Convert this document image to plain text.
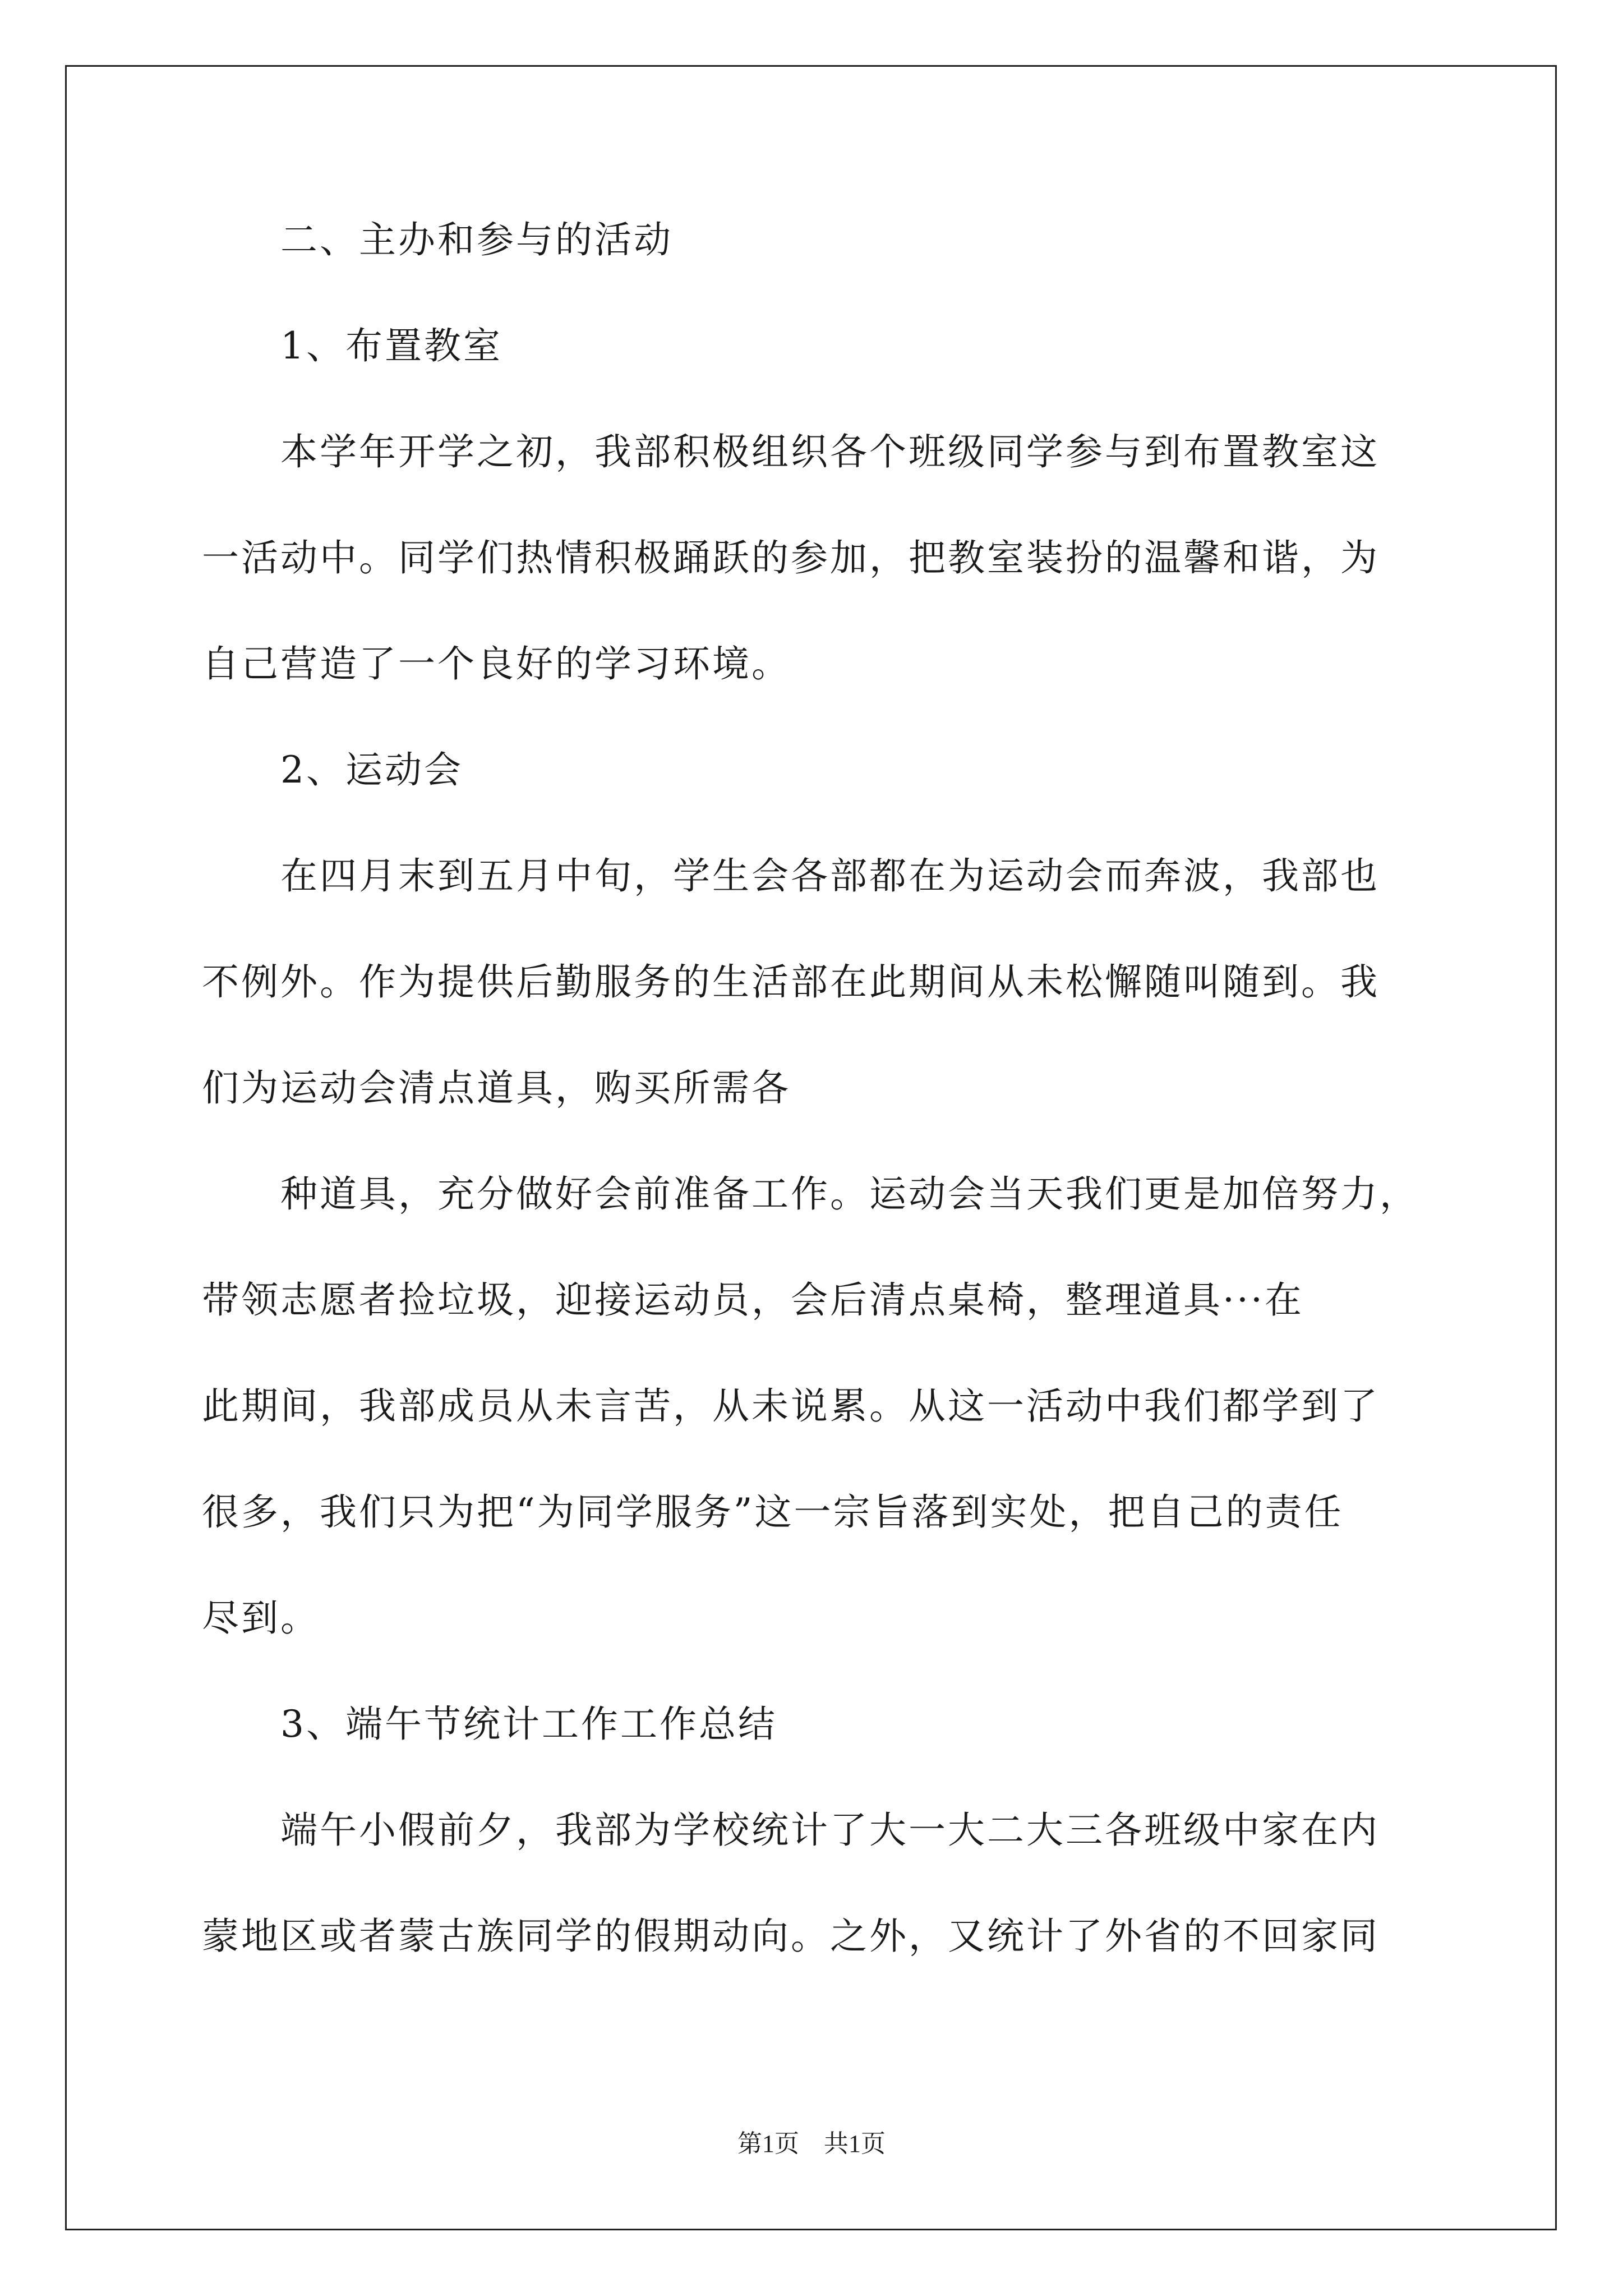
二、主办和参与的活动
1、布置教室
本学年开学之初，我部积极组织各个班级同学参与到布置教室这
一活动中。同学们热情积极踊跃的参加，把教室装扮的温馨和谐，为
自己营造了一个良好的学习环境。
2、运动会
在四月末到五月中旬，学生会各部都在为运动会而奔波，我部也
不例外。作为提供后勤服务的生活部在此期间从未松懈随叫随到。我
们为运动会清点道具，购买所需各
种道具，充分做好会前准备工作。运动会当天我们更是加倍努力，
带领志愿者捡垃圾，迎接运动员，会后清点桌椅，整理道具···在
此期间，我部成员从未言苦，从未说累。从这一活动中我们都学到了
很多，我们只为把“为同学服务”这一宗旨落到实处，把自己的责任
尽到。
3、端午节统计工作工作总结
端午小假前夕，我部为学校统计了大一大二大三各班级中家在内
蒙地区或者蒙古族同学的假期动向。之外，又统计了外省的不回家同
第1页　共1页
